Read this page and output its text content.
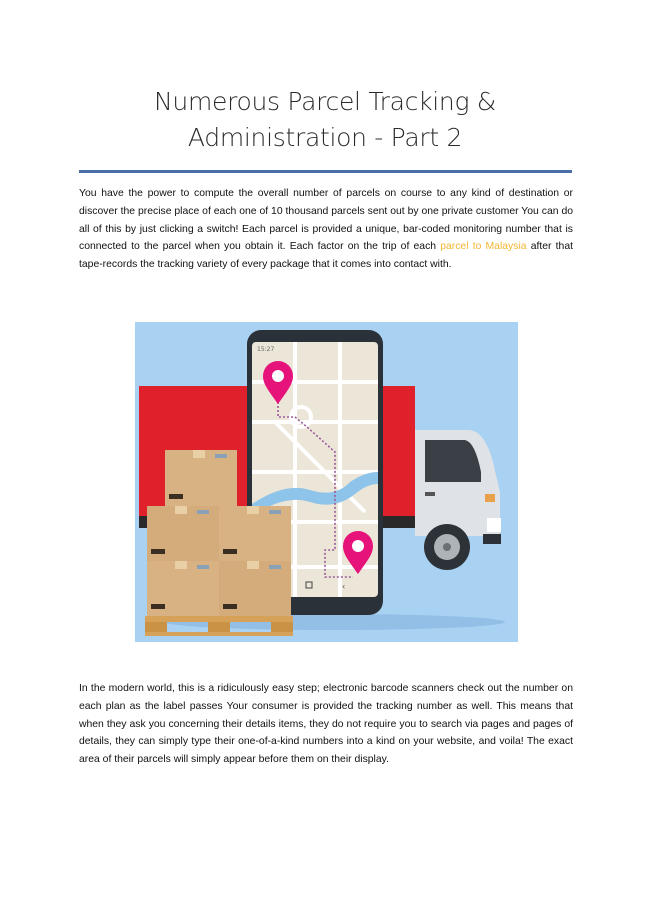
Numerous Parcel Tracking &
Administration - Part 2
You have the power to compute the overall number of parcels on course to any kind of destination or discover the precise place of each one of 10 thousand parcels sent out by one private customer You can do all of this by just clicking a switch! Each parcel is provided a unique, bar-coded monitoring number that is connected to the parcel when you obtain it. Each factor on the trip of each parcel to Malaysia after that tape-records the tracking variety of every package that it comes into contact with.
15:27
‹
In the modern world, this is a ridiculously easy step; electronic barcode scanners check out the number on each plan as the label passes Your consumer is provided the tracking number as well. This means that when they ask you concerning their details items, they do not require you to search via pages and pages of details, they can simply type their one-of-a-kind numbers into a kind on your website, and voila! The exact area of their parcels will simply appear before them on their display.
